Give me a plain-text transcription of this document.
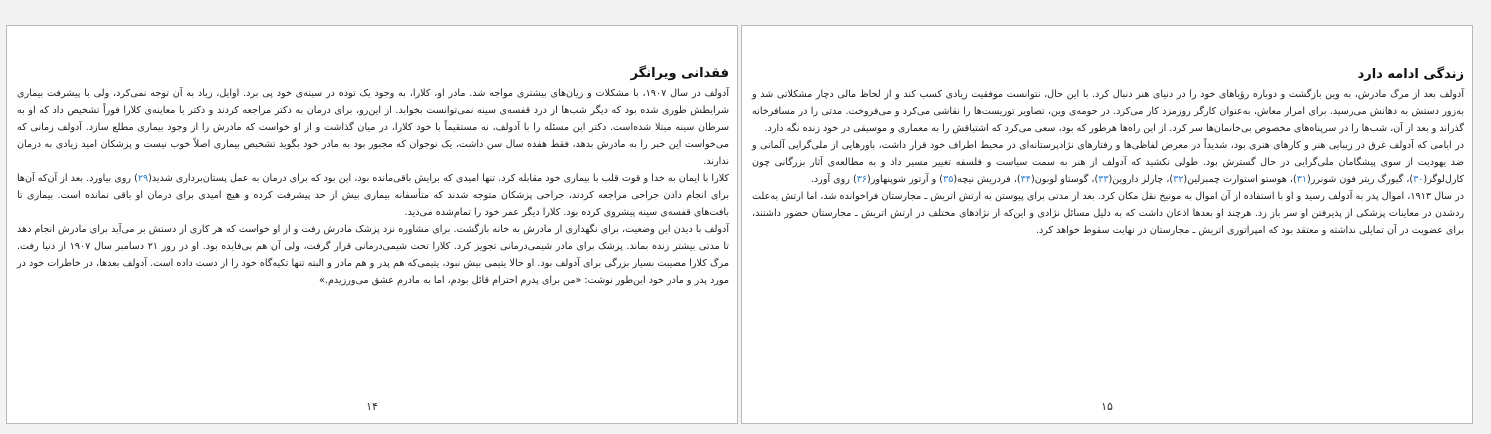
فقدانی ویرانگر

آدولف در سال ۱۹۰۷، با مشکلات و زیان‌های بیشتری مواجه شد. مادر او، کلارا، به وجود یک توده در سینه‌ی خود پی برد. اوایل، زیاد به آن توجه نمی‌کرد، ولی با پیشرفت بیماری شرایطش طوری شده بود که دیگر شب‌ها از درد قفسه‌ی سینه نمی‌توانست بخوابد. از این‌رو، برای درمان به دکتر مراجعه کردند و دکتر با معاینه‌ی کلارا فوراً تشخیص داد که او به سرطان سینه مبتلا شده‌است. دکتر این مسئله را با آدولف، نه مستقیماً با خود کلارا، در میان گذاشت و از او خواست که مادرش را از وجود بیماری مطلع سازد. آدولف زمانی که می‌خواست این خبر را به مادرش بدهد، فقط هفده سال سن داشت، یک نوجوان که مجبور بود به مادر خود بگوید تشخیص بیماری اصلاً خوب نیست و پزشکان امید زیادی به درمان ندارند.

کلارا با ایمان به خدا و قوت قلب با بیماری خود مقابله کرد. تنها امیدی که برایش باقی‌مانده بود، این بود که برای درمان به عمل پستان‌برداری شدید(۲۹) روی بیاورد. بعد از آن‌که آن‌ها برای انجام دادن جراحی مراجعه کردند، جراحی پزشکان متوجه شدند که متأسفانه بیماری بیش از حد پیشرفت کرده و هیچ امیدی برای درمان او باقی نمانده است. بیماری تا بافت‌های قفسه‌ی سینه پیشروی کرده بود. کلارا دیگر عمر خود را تمام‌شده می‌دید.

آدولف با دیدن این وضعیت، برای نگهداری از مادرش به خانه بازگشت. برای مشاوره نزد پزشک مادرش رفت و از او خواست که هر کاری از دستش بر می‌آید برای مادرش انجام دهد تا مدتی بیشتر زنده بماند. پزشک برای مادر شیمی‌درمانی تجویز کرد. کلارا تحت شیمی‌درمانی قرار گرفت، ولی آن هم بی‌فایده بود. او در روز ۲۱ دسامبر سال ۱۹۰۷ از دنیا رفت. مرگ کلارا مصیبت بسیار بزرگی برای آدولف بود. او حالا یتیمی بیش نبود، یتیمی‌که هم پدر و هم مادر و البته تنها تکیه‌گاه خود را از دست داده است. آدولف بعدها، در خاطرات خود در مورد پدر و مادر خود این‌طور نوشت: «من برای پدرم احترام قائل بودم، اما به مادرم عشق می‌ورزیدم.»

۱۴
زندگی ادامه دارد

آدولف بعد از مرگ مادرش، به وین بازگشت و دوباره رؤیاهای خود را در دنیای هنر دنبال کرد. با این حال، نتوانست موفقیت زیادی کسب کند و از لحاظ مالی دچار مشکلاتی شد و به‌زور دستش به دهانش می‌رسید. برای امرار معاش، به‌عنوان کارگر روزمزد کار می‌کرد. در حومه‌ی وین، تصاویر توریست‌ها را نقاشی می‌کرد و می‌فروخت. مدتی را در مسافرخانه گذراند و بعد از آن، شب‌ها را در سرپناه‌های مخصوص بی‌خانمان‌ها سر کرد. از این راه‌ها هرطور که بود، سعی می‌کرد که اشتیاقش را به معماری و موسیقی در خود زنده نگه دارد.

در ایامی که آدولف غرق در زیبایی هنر و کارهای هنری بود، شدیداً در معرض لفاظی‌ها و رفتارهای نژادپرستانه‌ای در محیط اطراف خود قرار داشت، باورهایی از ملی‌گرایی آلمانی و ضد یهودیت از سوی پیشگامان ملی‌گرایی در حال گسترش بود. طولی نکشید که آدولف از هنر به سمت سیاست و فلسفه تغییر مسیر داد و به مطالعه‌ی آثار بزرگانی چون کارل‌لوگر(۳۰)، گیورگ ریتر فون شونرر(۳۱)، هوستو استوارت چمبرلین(۳۲)، چارلز داروین(۳۳)، گوستاو لوبون(۳۴)، فردریش نیچه(۳۵) و آرتور شوپنهاور(۳۶) روی آورد.

در سال ۱۹۱۳، اموال پدر به آدولف رسید و او با استفاده از آن اموال به مونیخ نقل مکان کرد. بعد از مدتی برای پیوستن به ارتش اتریش ـ مجارستان فراخوانده شد، اما ارتش به‌علت ردشدن در معاینات پزشکی از پذیرفتن او سر باز زد. هرچند او بعدها اذعان داشت که به دلیل مسائل نژادی و این‌که از نژادهای مختلف در ارتش اتریش ـ مجارستان حضور داشتند، برای عضویت در آن تمایلی نداشته و معتقد بود که امپراتوری اتریش ـ مجارستان در نهایت سقوط خواهد کرد.

۱۵
